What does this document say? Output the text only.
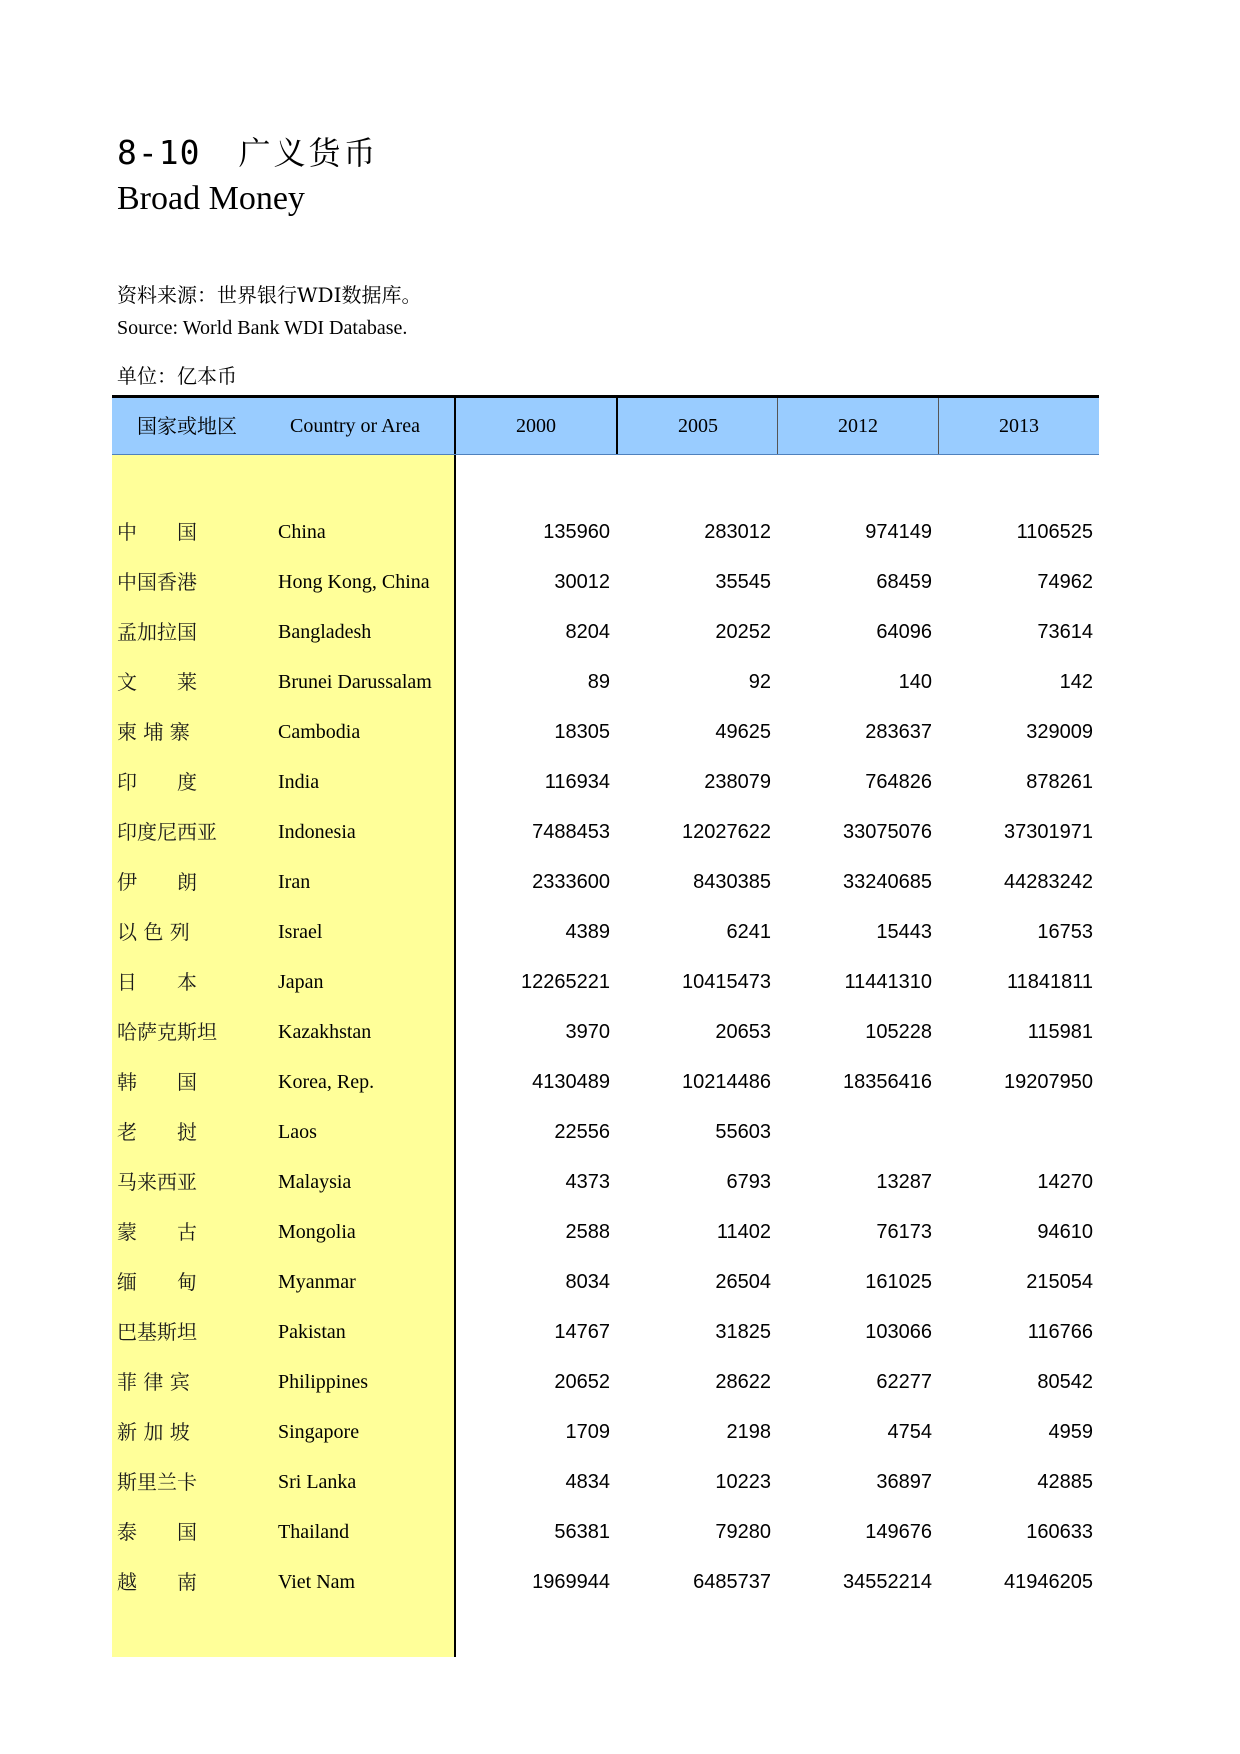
8-10 广义货币
Broad Money
资料来源：世界银行WDI数据库。
Source: World Bank WDI Database.
单位：亿本币
国家或地区	Country or Area	2000	2005	2012	2013
中　　国	China	135960	283012	974149	1106525
中国香港	Hong Kong, China	30012	35545	68459	74962
孟加拉国	Bangladesh	8204	20252	64096	73614
文　　莱	Brunei Darussalam	89	92	140	142
柬 埔 寨	Cambodia	18305	49625	283637	329009
印　　度	India	116934	238079	764826	878261
印度尼西亚	Indonesia	7488453	12027622	33075076	37301971
伊　　朗	Iran	2333600	8430385	33240685	44283242
以 色 列	Israel	4389	6241	15443	16753
日　　本	Japan	12265221	10415473	11441310	11841811
哈萨克斯坦	Kazakhstan	3970	20653	105228	115981
韩　　国	Korea, Rep.	4130489	10214486	18356416	19207950
老　　挝	Laos	22556	55603
马来西亚	Malaysia	4373	6793	13287	14270
蒙　　古	Mongolia	2588	11402	76173	94610
缅　　甸	Myanmar	8034	26504	161025	215054
巴基斯坦	Pakistan	14767	31825	103066	116766
菲 律 宾	Philippines	20652	28622	62277	80542
新 加 坡	Singapore	1709	2198	4754	4959
斯里兰卡	Sri Lanka	4834	10223	36897	42885
泰　　国	Thailand	56381	79280	149676	160633
越　　南	Viet Nam	1969944	6485737	34552214	41946205
